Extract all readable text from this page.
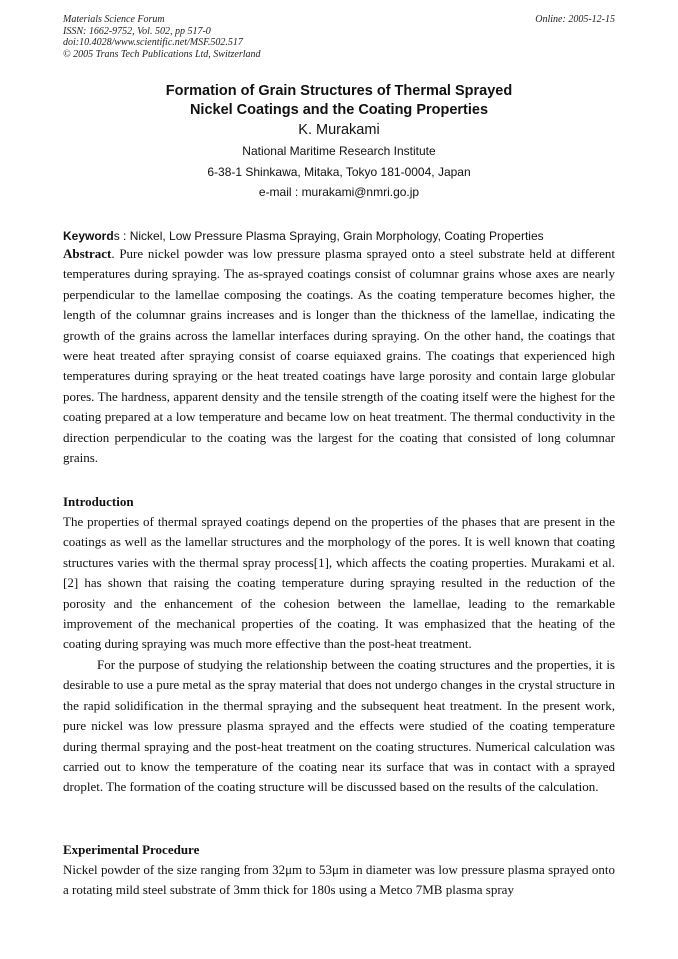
Materials Science Forum
ISSN: 1662-9752, Vol. 502, pp 517-0
doi:10.4028/www.scientific.net/MSF.502.517
© 2005 Trans Tech Publications Ltd, Switzerland
Online: 2005-12-15
Formation of Grain Structures of Thermal Sprayed
Nickel Coatings and the Coating Properties
K. Murakami
National Maritime Research Institute
6-38-1 Shinkawa, Mitaka, Tokyo 181-0004, Japan
e-mail : murakami@nmri.go.jp
Keywords : Nickel, Low Pressure Plasma Spraying, Grain Morphology, Coating Properties
Abstract. Pure nickel powder was low pressure plasma sprayed onto a steel substrate held at different temperatures during spraying. The as-sprayed coatings consist of columnar grains whose axes are nearly perpendicular to the lamellae composing the coatings. As the coating temperature becomes higher, the length of the columnar grains increases and is longer than the thickness of the lamellae, indicating the growth of the grains across the lamellar interfaces during spraying. On the other hand, the coatings that were heat treated after spraying consist of coarse equiaxed grains. The coatings that experienced high temperatures during spraying or the heat treated coatings have large porosity and contain large globular pores. The hardness, apparent density and the tensile strength of the coating itself were the highest for the coating prepared at a low temperature and became low on heat treatment. The thermal conductivity in the direction perpendicular to the coating was the largest for the coating that consisted of long columnar grains.
Introduction
The properties of thermal sprayed coatings depend on the properties of the phases that are present in the coatings as well as the lamellar structures and the morphology of the pores. It is well known that coating structures varies with the thermal spray process[1], which affects the coating properties. Murakami et al.[2] has shown that raising the coating temperature during spraying resulted in the reduction of the porosity and the enhancement of the cohesion between the lamellae, leading to the remarkable improvement of the mechanical properties of the coating. It was emphasized that the heating of the coating during spraying was much more effective than the post-heat treatment.
For the purpose of studying the relationship between the coating structures and the properties, it is desirable to use a pure metal as the spray material that does not undergo changes in the crystal structure in the rapid solidification in the thermal spraying and the subsequent heat treatment. In the present work, pure nickel was low pressure plasma sprayed and the effects were studied of the coating temperature during thermal spraying and the post-heat treatment on the coating structures. Numerical calculation was carried out to know the temperature of the coating near its surface that was in contact with a sprayed droplet. The formation of the coating structure will be discussed based on the results of the calculation.
Experimental Procedure
Nickel powder of the size ranging from 32μm to 53μm in diameter was low pressure plasma sprayed onto a rotating mild steel substrate of 3mm thick for 180s using a Metco 7MB plasma spray
